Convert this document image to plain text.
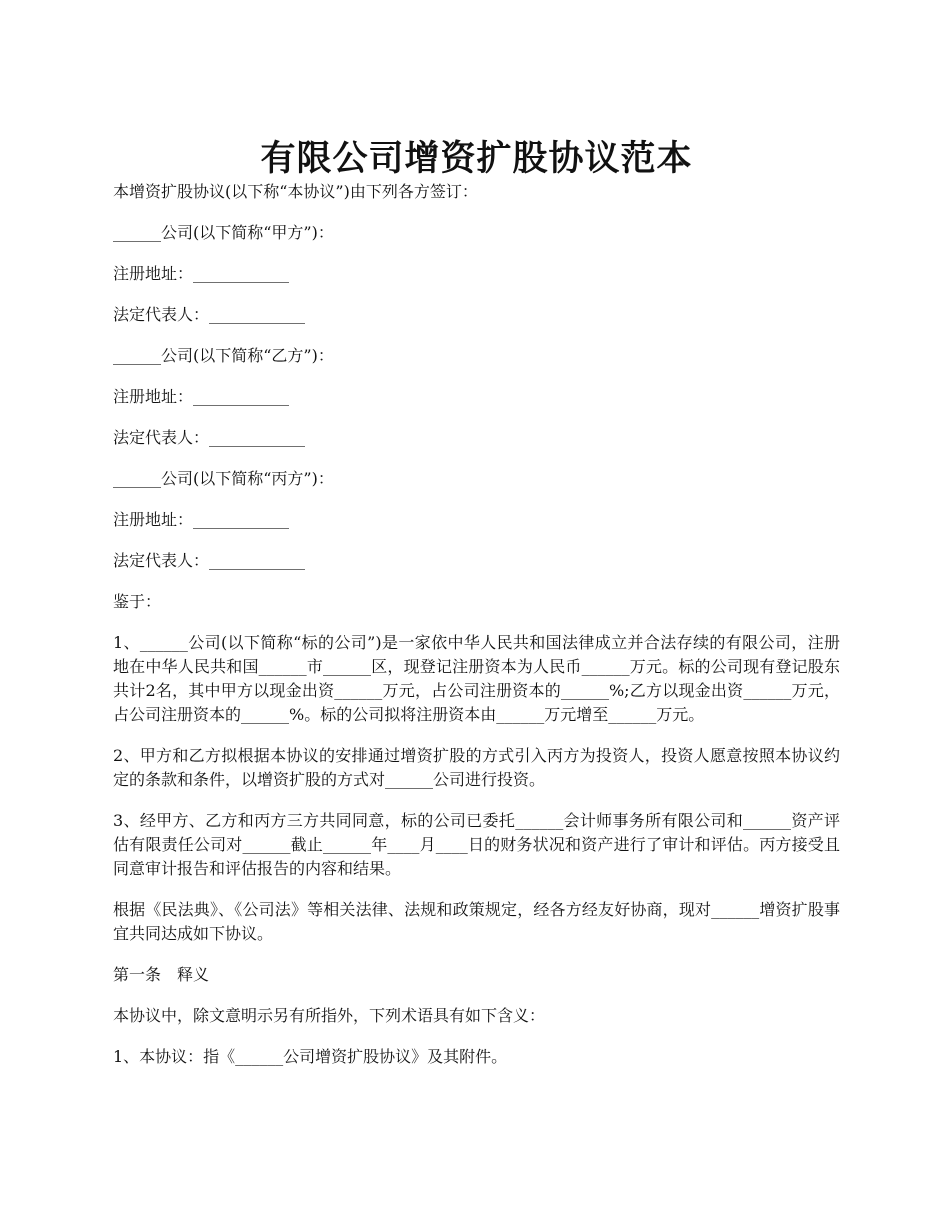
有限公司增资扩股协议范本

本增资扩股协议(以下称“本协议”)由下列各方签订：

______公司(以下简称“甲方”)：

注册地址：____________

法定代表人：____________

______公司(以下简称“乙方”)：

注册地址：____________

法定代表人：____________

______公司(以下简称“丙方”)：

注册地址：____________

法定代表人：____________

鉴于：

1、______公司(以下简称“标的公司”)是一家依中华人民共和国法律成立并合法存续的有限公司，注册地在中华人民共和国______市______区，现登记注册资本为人民币______万元。标的公司现有登记股东共计2名，其中甲方以现金出资______万元，占公司注册资本的______%;乙方以现金出资______万元，占公司注册资本的______%。标的公司拟将注册资本由______万元增至______万元。

2、甲方和乙方拟根据本协议的安排通过增资扩股的方式引入丙方为投资人，投资人愿意按照本协议约定的条款和条件，以增资扩股的方式对______公司进行投资。

3、经甲方、乙方和丙方三方共同同意，标的公司已委托______会计师事务所有限公司和______资产评估有限责任公司对______截止______年____月____日的财务状况和资产进行了审计和评估。丙方接受且同意审计报告和评估报告的内容和结果。

根据《民法典》、《公司法》等相关法律、法规和政策规定，经各方经友好协商，现对______增资扩股事宜共同达成如下协议。

第一条　释义

本协议中，除文意明示另有所指外，下列术语具有如下含义：

1、本协议：指《______公司增资扩股协议》及其附件。
